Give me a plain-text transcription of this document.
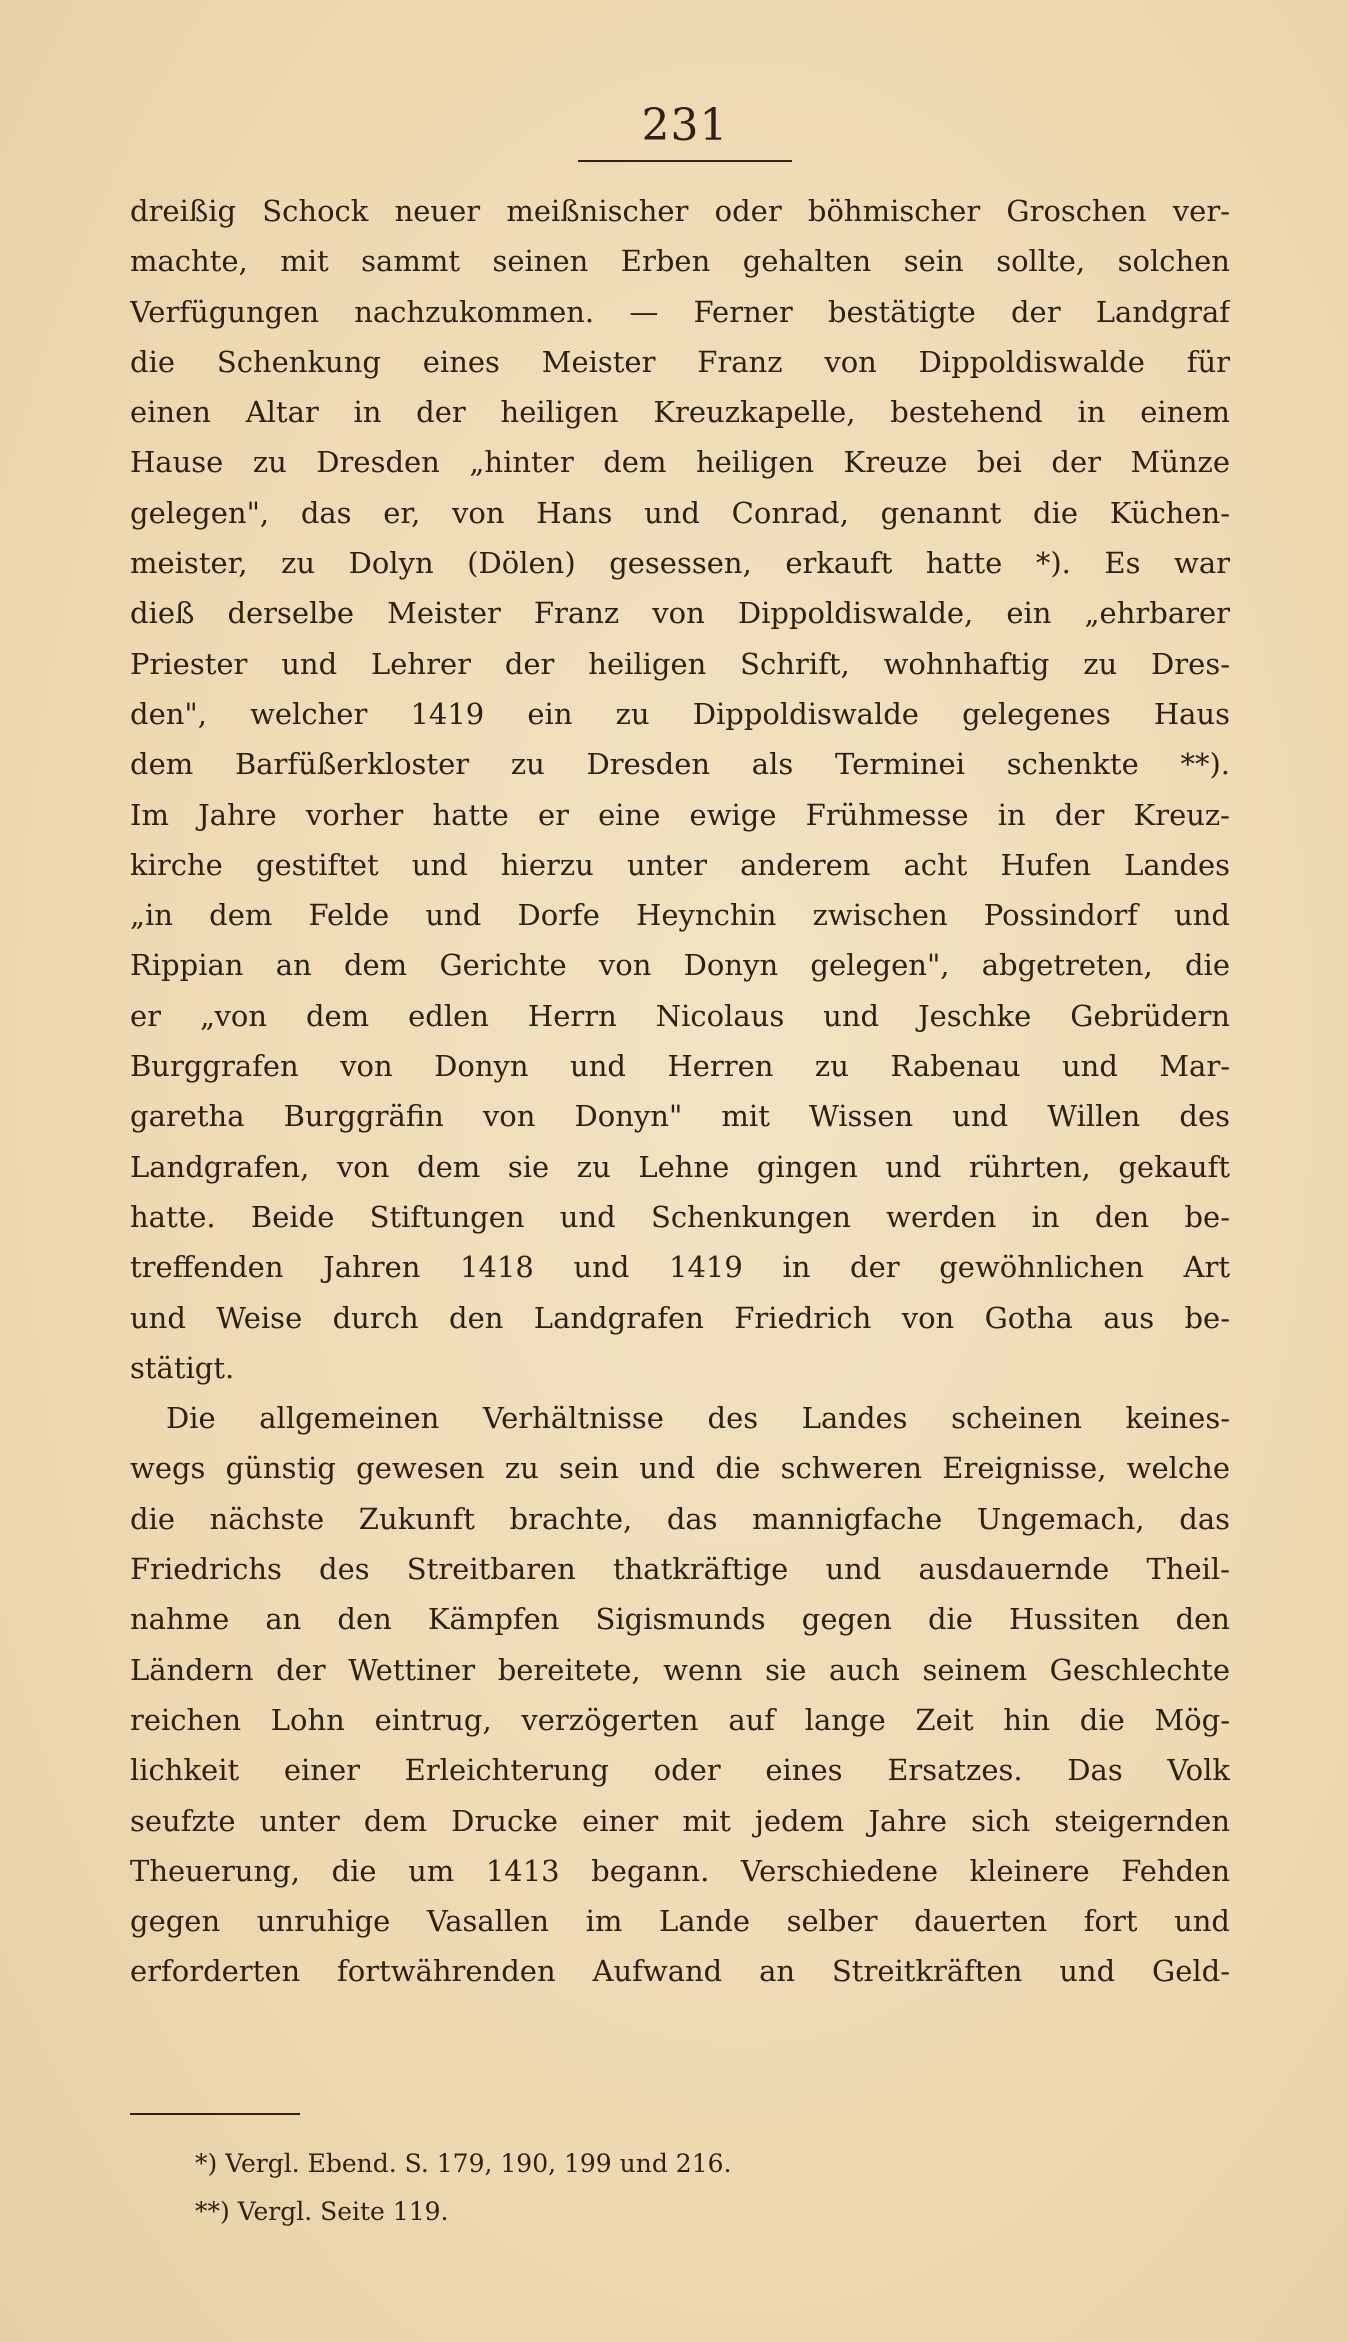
231
dreißig Schock neuer meißnischer oder böhmischer Groschen ver-
machte, mit sammt seinen Erben gehalten sein sollte, solchen
Verfügungen nachzukommen. — Ferner bestätigte der Landgraf
die Schenkung eines Meister Franz von Dippoldiswalde für
einen Altar in der heiligen Kreuzkapelle, bestehend in einem
Hause zu Dresden „hinter dem heiligen Kreuze bei der Münze
gelegen", das er, von Hans und Conrad, genannt die Küchen-
meister, zu Dolyn (Dölen) gesessen, erkauft hatte *). Es war
dieß derselbe Meister Franz von Dippoldiswalde, ein „ehrbarer
Priester und Lehrer der heiligen Schrift, wohnhaftig zu Dres-
den", welcher 1419 ein zu Dippoldiswalde gelegenes Haus
dem Barfüßerkloster zu Dresden als Terminei schenkte **).
Im Jahre vorher hatte er eine ewige Frühmesse in der Kreuz-
kirche gestiftet und hierzu unter anderem acht Hufen Landes
„in dem Felde und Dorfe Heynchin zwischen Possindorf und
Rippian an dem Gerichte von Donyn gelegen", abgetreten, die
er „von dem edlen Herrn Nicolaus und Jeschke Gebrüdern
Burggrafen von Donyn und Herren zu Rabenau und Mar-
garetha Burggräfin von Donyn" mit Wissen und Willen des
Landgrafen, von dem sie zu Lehne gingen und rührten, gekauft
hatte. Beide Stiftungen und Schenkungen werden in den be-
treffenden Jahren 1418 und 1419 in der gewöhnlichen Art
und Weise durch den Landgrafen Friedrich von Gotha aus be-
stätigt.
Die allgemeinen Verhältnisse des Landes scheinen keines-
wegs günstig gewesen zu sein und die schweren Ereignisse, welche
die nächste Zukunft brachte, das mannigfache Ungemach, das
Friedrichs des Streitbaren thatkräftige und ausdauernde Theil-
nahme an den Kämpfen Sigismunds gegen die Hussiten den
Ländern der Wettiner bereitete, wenn sie auch seinem Geschlechte
reichen Lohn eintrug, verzögerten auf lange Zeit hin die Mög-
lichkeit einer Erleichterung oder eines Ersatzes. Das Volk
seufzte unter dem Drucke einer mit jedem Jahre sich steigernden
Theuerung, die um 1413 begann. Verschiedene kleinere Fehden
gegen unruhige Vasallen im Lande selber dauerten fort und
erforderten fortwährenden Aufwand an Streitkräften und Geld-
*) Vergl. Ebend. S. 179, 190, 199 und 216.
**) Vergl. Seite 119.
